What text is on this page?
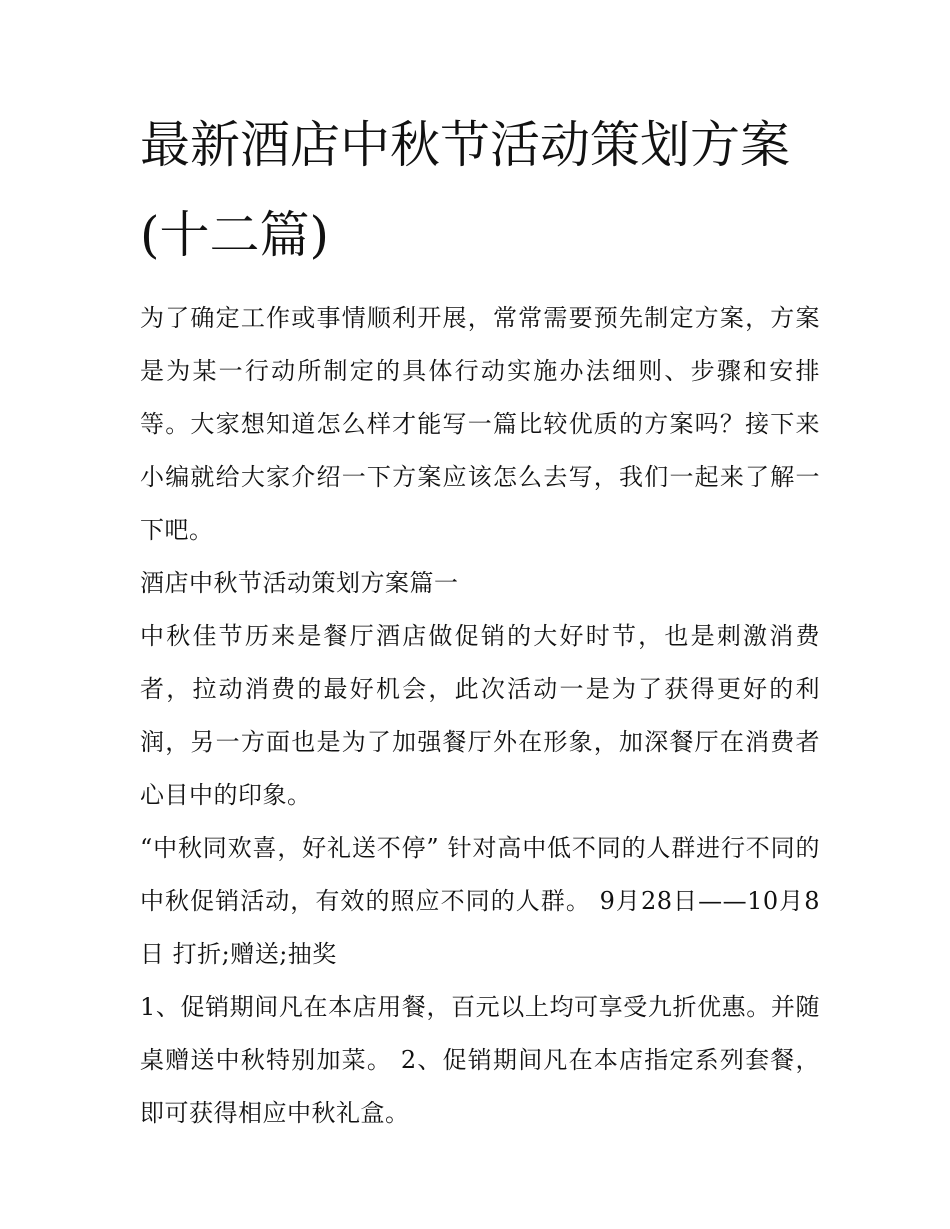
最新酒店中秋节活动策划方案(十二篇)

为了确定工作或事情顺利开展，常常需要预先制定方案，方案是为某一行动所制定的具体行动实施办法细则、步骤和安排等。大家想知道怎么样才能写一篇比较优质的方案吗？接下来小编就给大家介绍一下方案应该怎么去写，我们一起来了解一下吧。

酒店中秋节活动策划方案篇一

中秋佳节历来是餐厅酒店做促销的大好时节，也是刺激消费者，拉动消费的最好机会，此次活动一是为了获得更好的利润，另一方面也是为了加强餐厅外在形象，加深餐厅在消费者心目中的印象。

“中秋同欢喜，好礼送不停” 针对高中低不同的人群进行不同的中秋促销活动，有效的照应不同的人群。 9月28日——10月8日 打折;赠送;抽奖

1、促销期间凡在本店用餐，百元以上均可享受九折优惠。并随桌赠送中秋特别加菜。 2、促销期间凡在本店指定系列套餐，即可获得相应中秋礼盒。
